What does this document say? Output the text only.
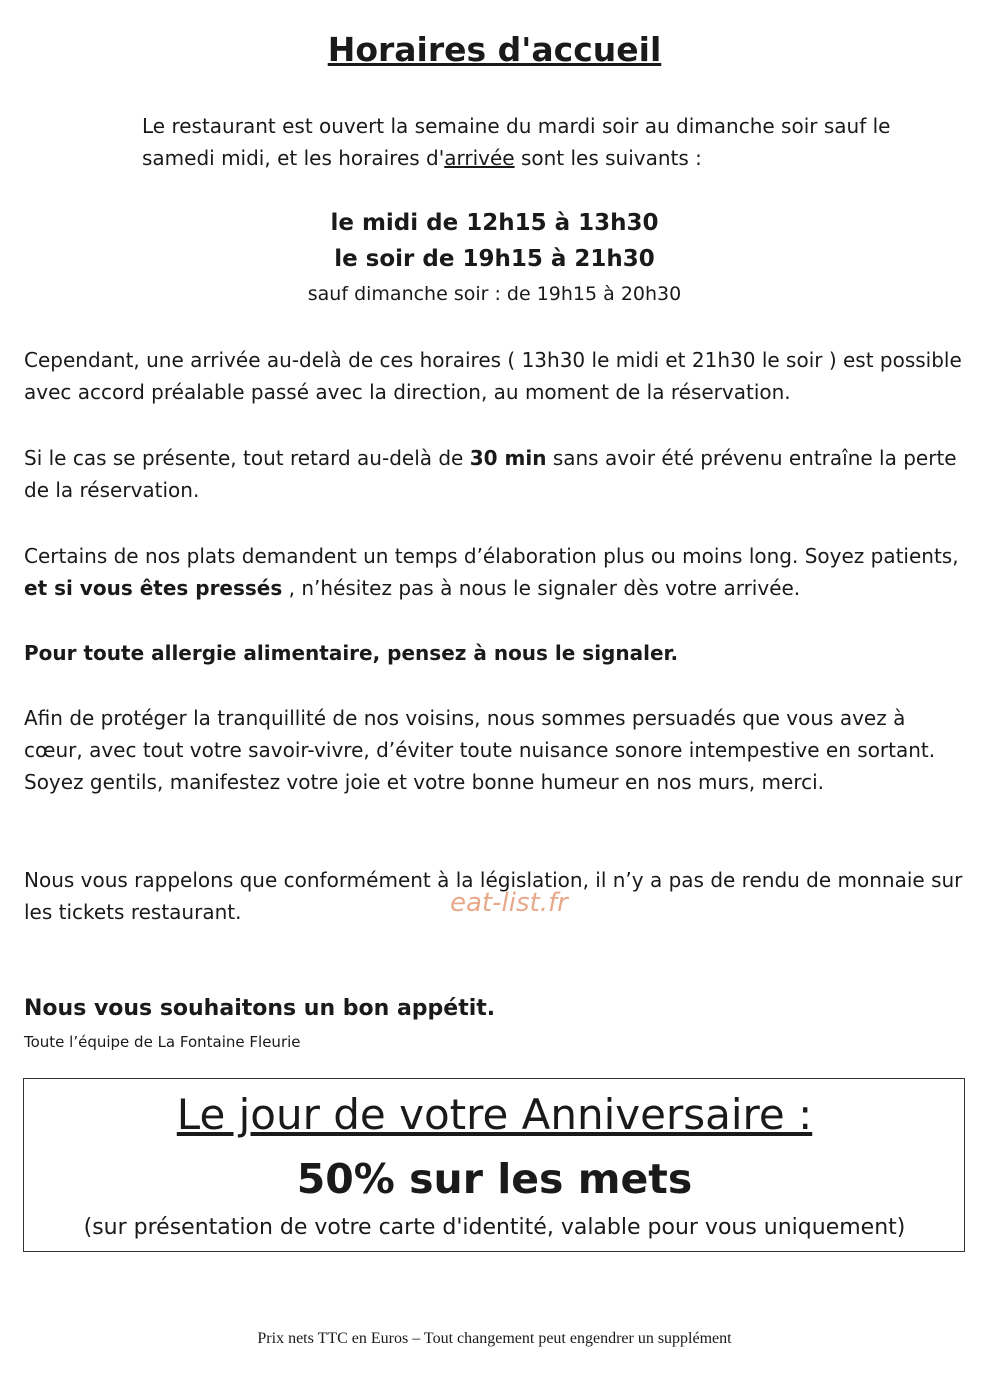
Horaires d'accueil
Le restaurant est ouvert la semaine du mardi soir au dimanche soir sauf le samedi midi, et les horaires d'arrivée sont les suivants :
le midi de 12h15 à 13h30
le soir de 19h15 à 21h30
sauf dimanche soir : de 19h15 à 20h30
Cependant, une arrivée au-delà de ces horaires ( 13h30 le midi et 21h30 le soir ) est possible avec accord préalable passé avec la direction, au moment de la réservation.
Si le cas se présente, tout retard au-delà de 30 min sans avoir été prévenu entraîne la perte de la réservation.
Certains de nos plats demandent un temps d’élaboration plus ou moins long. Soyez patients, et si vous êtes pressés , n’hésitez pas à nous le signaler dès votre arrivée.
Pour toute allergie alimentaire, pensez à nous le signaler.
Afin de protéger la tranquillité de nos voisins, nous sommes persuadés que vous avez à cœur, avec tout votre savoir-vivre, d’éviter toute nuisance sonore intempestive en sortant. Soyez gentils, manifestez votre joie et votre bonne humeur en nos murs, merci.
Nous vous rappelons que conformément à la législation, il n’y a pas de rendu de monnaie sur les tickets restaurant.	eat-list.fr
Nous vous souhaitons un bon appétit.
Toute l’équipe de La Fontaine Fleurie
Le jour de votre Anniversaire :
50% sur les mets
(sur présentation de votre carte d'identité, valable pour vous uniquement)
Prix nets TTC en Euros – Tout changement peut engendrer un supplément
